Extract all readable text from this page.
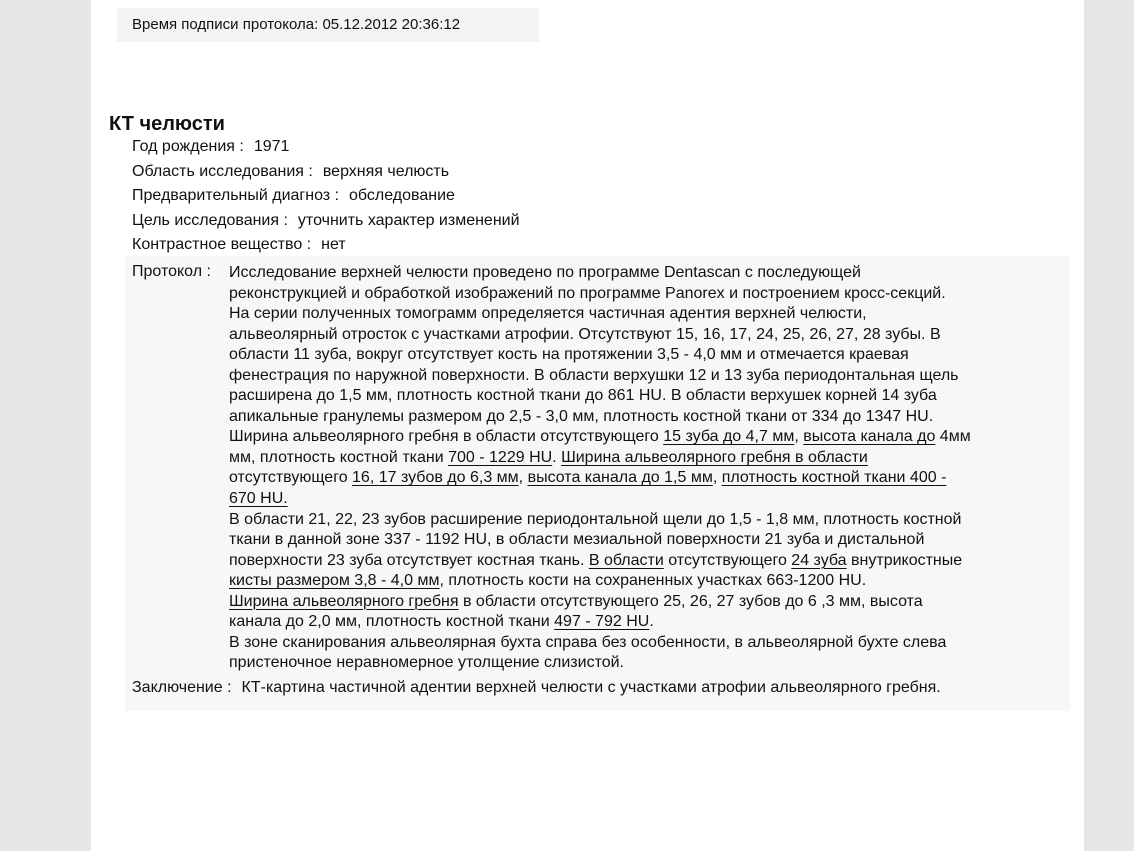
Время подписи протокола: 05.12.2012 20:36:12
КТ челюсти
Год рождения : 1971
Область исследования : верхняя челюсть
Предварительный диагноз : обследование
Цель исследования : уточнить характер изменений
Контрастное вещество : нет
Протокол : Исследование верхней челюсти проведено по программе Dentascan с последующей
реконструкцией и обработкой изображений по программе Panorex и построением кросс-секций.
На серии полученных томограмм определяется частичная адентия верхней челюсти,
альвеолярный отросток с участками атрофии. Отсутствуют 15, 16, 17, 24, 25, 26, 27, 28 зубы. В
области 11 зуба, вокруг отсутствует кость на протяжении 3,5 - 4,0 мм и отмечается краевая
фенестрация по наружной поверхности. В области верхушки 12 и 13 зуба периодонтальная щель
расширена до 1,5 мм, плотность костной ткани до 861 HU. В области верхушек корней 14 зуба
апикальные гранулемы размером до 2,5 - 3,0 мм, плотность костной ткани от 334 до 1347 HU.
Ширина альвеолярного гребня в области отсутствующего 15 зуба до 4,7 мм, высота канала до 4мм
мм, плотность костной ткани 700 - 1229 HU. Ширина альвеолярного гребня в области
отсутствующего 16, 17 зубов до 6,3 мм, высота канала до 1,5 мм, плотность костной ткани 400 -
670 HU.
В области 21, 22, 23 зубов расширение периодонтальной щели до 1,5 - 1,8 мм, плотность костной
ткани в данной зоне 337 - 1192 HU, в области мезиальной поверхности 21 зуба и дистальной
поверхности 23 зуба отсутствует костная ткань. В области отсутствующего 24 зуба внутрикостные
кисты размером 3,8 - 4,0 мм, плотность кости на сохраненных участках 663-1200 HU.
Ширина альвеолярного гребня в области отсутствующего 25, 26, 27 зубов до 6 ,3 мм, высота
канала до 2,0 мм, плотность костной ткани 497 - 792 HU.
В зоне сканирования альвеолярная бухта справа без особенности, в альвеолярной бухте слева
пристеночное неравномерное утолщение слизистой.
Заключение : КТ-картина частичной адентии верхней челюсти с участками атрофии альвеолярного гребня.
